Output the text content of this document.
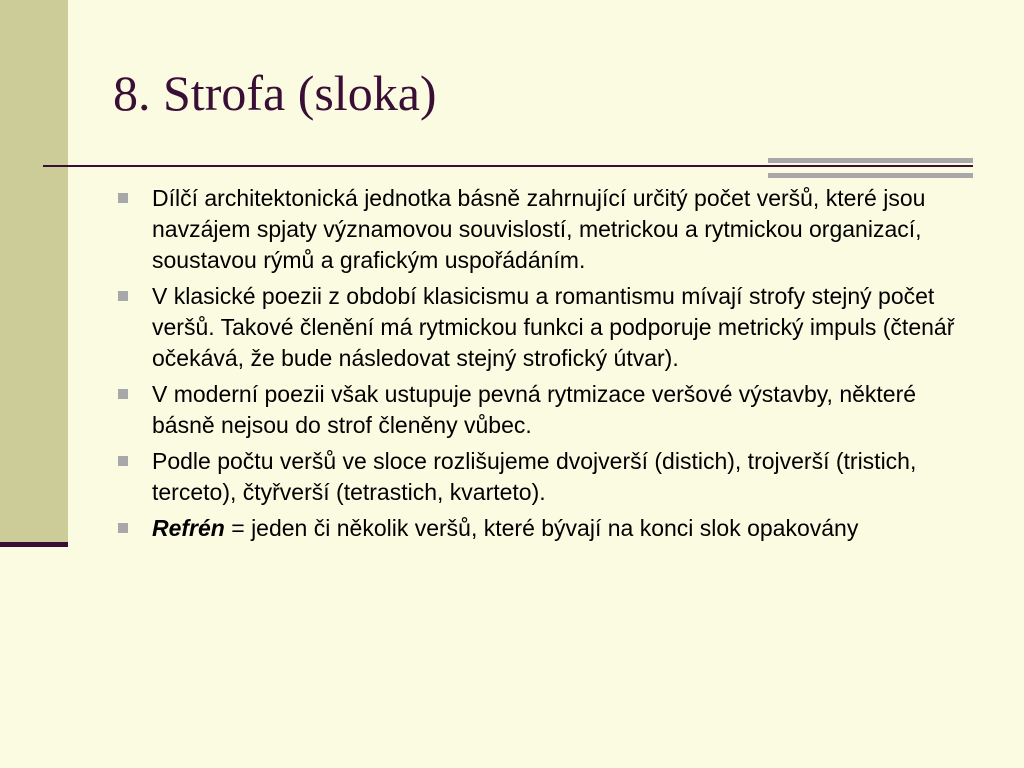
8. Strofa (sloka)
Dílčí architektonická jednotka básně zahrnující určitý počet veršů, které jsou navzájem spjaty významovou souvislostí, metrickou a rytmickou organizací, soustavou rýmů a grafickým uspořádáním.
V klasické poezii z období klasicismu a romantismu mívají strofy stejný počet veršů. Takové členění má rytmickou funkci a podporuje metrický impuls (čtenář očekává, že bude následovat stejný strofický útvar).
V moderní poezii však ustupuje pevná rytmizace veršové výstavby, některé básně nejsou do strof členěny vůbec.
Podle počtu veršů ve sloce rozlišujeme dvojverší (distich), trojverší (tristich, terceto), čtyřverší (tetrastich, kvarteto).
Refrén = jeden či několik veršů, které bývají na konci slok opakovány
